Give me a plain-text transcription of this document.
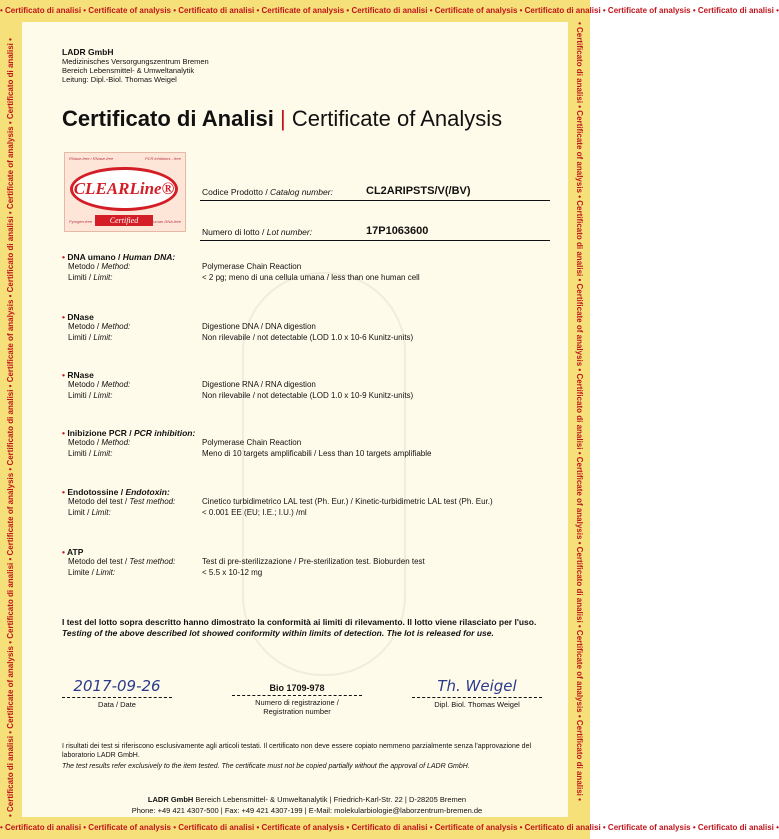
• Certificato di analisi • Certificate of analysis • Certificato di analisi • Certificate of analysis • Certificato di analisi • Certificate of analysis • Certificato di analisi • Certificate of analysis • Certificato di analisi •
• Certificato di analisi • Certificate of analysis • Certificato di analisi • Certificate of analysis • Certificato di analisi • Certificate of analysis • Certificato di analisi • Certificate of analysis • Certificato di analisi •
• Certificato di analisi • Certificate of analysis • Certificato di analisi • Certificate of analysis • Certificato di analisi • Certificate of analysis • Certificato di analisi • Certificate of analysis • Certificato di analisi •	• Certificato di analisi • Certificate of analysis • Certificato di analisi • Certificate of analysis • Certificato di analisi • Certificate of analysis • Certificato di analisi • Certificate of analysis • Certificato di analisi •
LADR GmbH
Medizinisches Versorgungszentrum Bremen
Bereich Lebensmittel- & Umweltanalytik
Leitung: Dipl.-Biol. Thomas Weigel
Certificato di Analisi | Certificate of Analysis
RNase-free / RNase-free	PCR inhibitors - free
CLEARLine®
Certified
Pyrogen-free	Human DNA-free
Codice Prodotto / Catalog number:	CL2ARIPSTS/V(/BV)
Numero di lotto / Lot number:	17P1063600
• DNA umano / Human DNA:
Metodo / Method:	Polymerase Chain Reaction
Limiti / Limit:	< 2 pg; meno di una cellula umana / less than one human cell
• DNase
Metodo / Method:	Digestione DNA / DNA digestion
Limiti / Limit:	Non rilevabile / not detectable (LOD 1.0 x 10-6 Kunitz-units)
• RNase
Metodo / Method:	Digestione RNA / RNA digestion
Limiti / Limit:	Non rilevabile / not detectable (LOD 1.0 x 10-9 Kunitz-units)
• Inibizione PCR / PCR inhibition:
Metodo / Method:	Polymerase Chain Reaction
Limiti / Limit:	Meno di 10 targets amplificabili / Less than 10 targets amplifiable
• Endotossine / Endotoxin:
Metodo del test / Test method:	Cinetico turbidimetrico LAL test (Ph. Eur.) / Kinetic-turbidimetric LAL test (Ph. Eur.)
Limit / Limit:	< 0.001 EE (EU; I.E.; I.U.) /ml
• ATP
Metodo del test / Test method:	Test di pre-sterilizzazione / Pre-sterilization test. Bioburden test
Limite / Limit:	< 5.5 x 10-12 mg
I test del lotto sopra descritto hanno dimostrato la conformità ai limiti di rilevamento. Il lotto viene rilasciato per l'uso.
Testing of the above described lot showed conformity within limits of detection. The lot is released for use.
2017-09-26
Data / Date
Bio 1709-978
Numero di registrazione /
Registration number
Th. Weigel
Dipl. Biol. Thomas Weigel
I risultati dei test si riferiscono esclusivamente agli articoli testati. Il certificato non deve essere copiato nemmeno parzialmente senza l'approvazione del laboratorio LADR GmbH.
The test results refer exclusively to the item tested. The certificate must not be copied partially without the approval of LADR GmbH.
LADR GmbH Bereich Lebensmittel- & Umweltanalytik | Friedrich-Karl-Str. 22 | D-28205 Bremen
Phone: +49 421 4307-500 | Fax: +49 421 4307-199 | E-Mail: molekularbiologie@laborzentrum-bremen.de
